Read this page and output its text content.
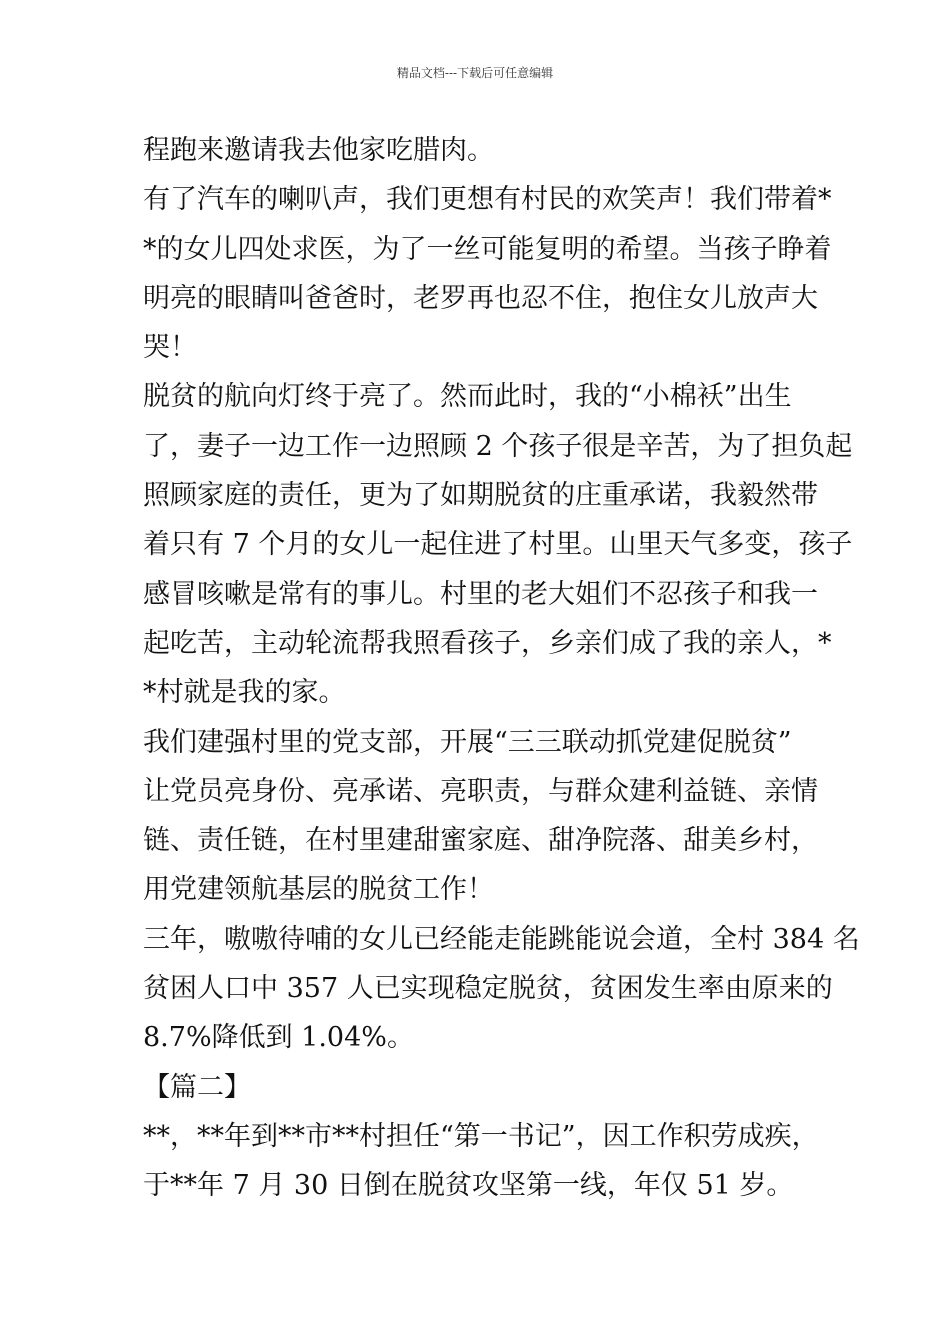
精品文档---下载后可任意编辑
程跑来邀请我去他家吃腊肉。
有了汽车的喇叭声，我们更想有村民的欢笑声！我们带着*
*的女儿四处求医，为了一丝可能复明的希望。当孩子睁着
明亮的眼睛叫爸爸时，老罗再也忍不住，抱住女儿放声大
哭！
脱贫的航向灯终于亮了。然而此时，我的“小棉袄”出生
了，妻子一边工作一边照顾 2 个孩子很是辛苦，为了担负起
照顾家庭的责任，更为了如期脱贫的庄重承诺，我毅然带
着只有 7 个月的女儿一起住进了村里。山里天气多变，孩子
感冒咳嗽是常有的事儿。村里的老大姐们不忍孩子和我一
起吃苦，主动轮流帮我照看孩子，乡亲们成了我的亲人，*
*村就是我的家。
我们建强村里的党支部，开展“三三联动抓党建促脱贫”
让党员亮身份、亮承诺、亮职责，与群众建利益链、亲情
链、责任链，在村里建甜蜜家庭、甜净院落、甜美乡村，
用党建领航基层的脱贫工作！
三年，嗷嗷待哺的女儿已经能走能跳能说会道，全村 384 名
贫困人口中 357 人已实现稳定脱贫，贫困发生率由原来的
8.7%降低到 1.04%。
【篇二】
**，**年到**市**村担任“第一书记”，因工作积劳成疾，
于**年 7 月 30 日倒在脱贫攻坚第一线，年仅 51 岁。
